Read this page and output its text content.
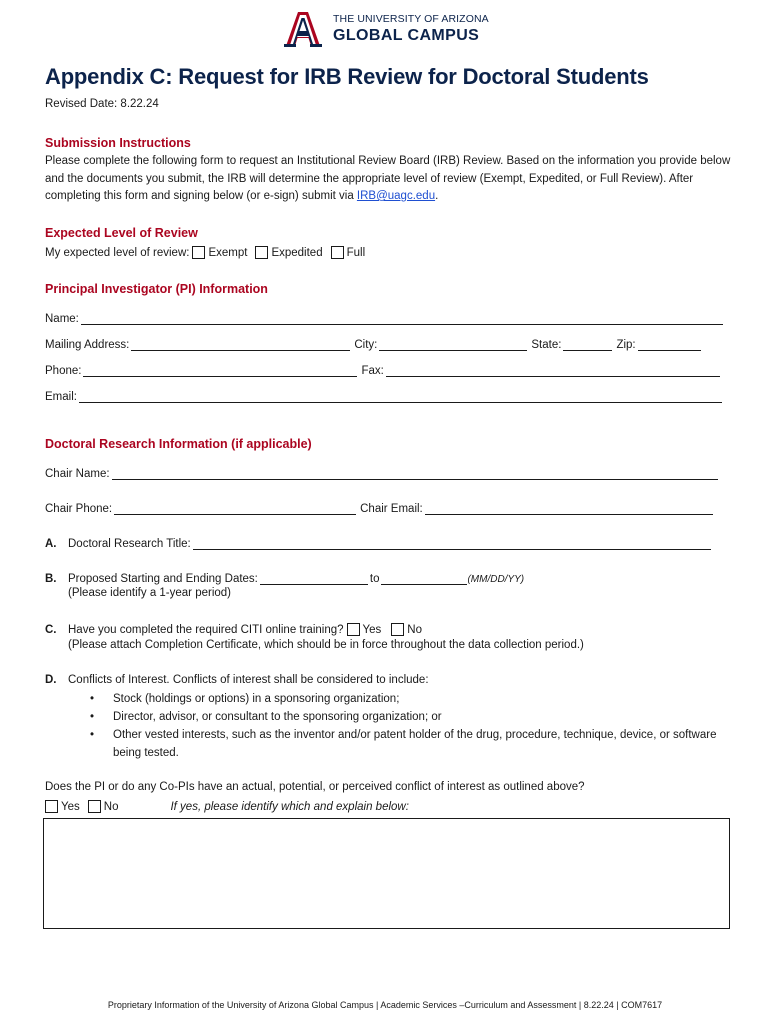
THE UNIVERSITY OF ARIZONA
GLOBAL CAMPUS
Appendix C: Request for IRB Review for Doctoral Students
Revised Date: 8.22.24
Submission Instructions
Please complete the following form to request an Institutional Review Board (IRB) Review. Based on the information you provide below and the documents you submit, the IRB will determine the appropriate level of review (Exempt, Expedited, or Full Review). After completing this form and signing below (or e-sign) submit via IRB@uagc.edu.
Expected Level of Review
My expected level of review: Exempt Expedited Full
Principal Investigator (PI) Information
Name:
Mailing Address:	City:	State:	Zip:
Phone:	Fax:
Email:
Doctoral Research Information (if applicable)
Chair Name:
Chair Phone:	Chair Email:
A.	Doctoral Research Title:
B.	Proposed Starting and Ending Dates:	to	(MM/DD/YY)
(Please identify a 1-year period)
C.	Have you completed the required CITI online training? Yes No
(Please attach Completion Certificate, which should be in force throughout the data collection period.)
D. Conflicts of Interest. Conflicts of interest shall be considered to include:
• Stock (holdings or options) in a sponsoring organization;
• Director, advisor, or consultant to the sponsoring organization; or
• Other vested interests, such as the inventor and/or patent holder of the drug, procedure, technique, device, or software being tested.
Does the PI or do any Co-PIs have an actual, potential, or perceived conflict of interest as outlined above?
Yes No	If yes, please identify which and explain below:
Proprietary Information of the University of Arizona Global Campus | Academic Services –Curriculum and Assessment | 8.22.24 | COM7617
